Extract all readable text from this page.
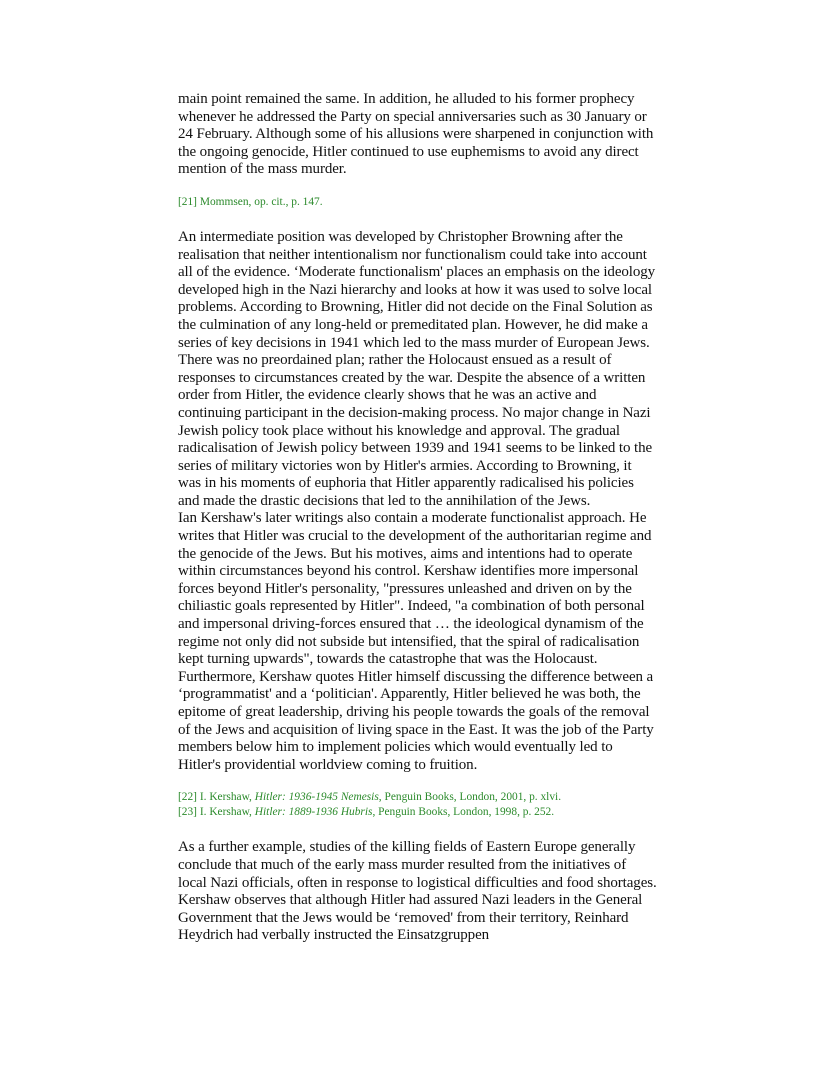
main point remained the same. In addition, he alluded to his former prophecy whenever he addressed the Party on special anniversaries such as 30 January or 24 February. Although some of his allusions were sharpened in conjunction with the ongoing genocide, Hitler continued to use euphemisms to avoid any direct mention of the mass murder.

[21] Mommsen, op. cit., p. 147.

An intermediate position was developed by Christopher Browning after the realisation that neither intentionalism nor functionalism could take into account all of the evidence. ‘Moderate functionalism' places an emphasis on the ideology developed high in the Nazi hierarchy and looks at how it was used to solve local problems. According to Browning, Hitler did not decide on the Final Solution as the culmination of any long-held or premeditated plan. However, he did make a series of key decisions in 1941 which led to the mass murder of European Jews. There was no preordained plan; rather the Holocaust ensued as a result of responses to circumstances created by the war. Despite the absence of a written order from Hitler, the evidence clearly shows that he was an active and continuing participant in the decision-making process. No major change in Nazi Jewish policy took place without his knowledge and approval. The gradual radicalisation of Jewish policy between 1939 and 1941 seems to be linked to the series of military victories won by Hitler's armies. According to Browning, it was in his moments of euphoria that Hitler apparently radicalised his policies and made the drastic decisions that led to the annihilation of the Jews.

Ian Kershaw's later writings also contain a moderate functionalist approach. He writes that Hitler was crucial to the development of the authoritarian regime and the genocide of the Jews. But his motives, aims and intentions had to operate within circumstances beyond his control. Kershaw identifies more impersonal forces beyond Hitler's personality, "pressures unleashed and driven on by the chiliastic goals represented by Hitler". Indeed, "a combination of both personal and impersonal driving-forces ensured that … the ideological dynamism of the regime not only did not subside but intensified, that the spiral of radicalisation kept turning upwards", towards the catastrophe that was the Holocaust. Furthermore, Kershaw quotes Hitler himself discussing the difference between a ‘programmatist' and a ‘politician'. Apparently, Hitler believed he was both, the epitome of great leadership, driving his people towards the goals of the removal of the Jews and acquisition of living space in the East. It was the job of the Party members below him to implement policies which would eventually led to Hitler's providential worldview coming to fruition.

[22] I. Kershaw, Hitler: 1936-1945 Nemesis, Penguin Books, London, 2001, p. xlvi.
[23] I. Kershaw, Hitler: 1889-1936 Hubris, Penguin Books, London, 1998, p. 252.

As a further example, studies of the killing fields of Eastern Europe generally conclude that much of the early mass murder resulted from the initiatives of local Nazi officials, often in response to logistical difficulties and food shortages. Kershaw observes that although Hitler had assured Nazi leaders in the General Government that the Jews would be ‘removed' from their territory, Reinhard Heydrich had verbally instructed the Einsatzgruppen
